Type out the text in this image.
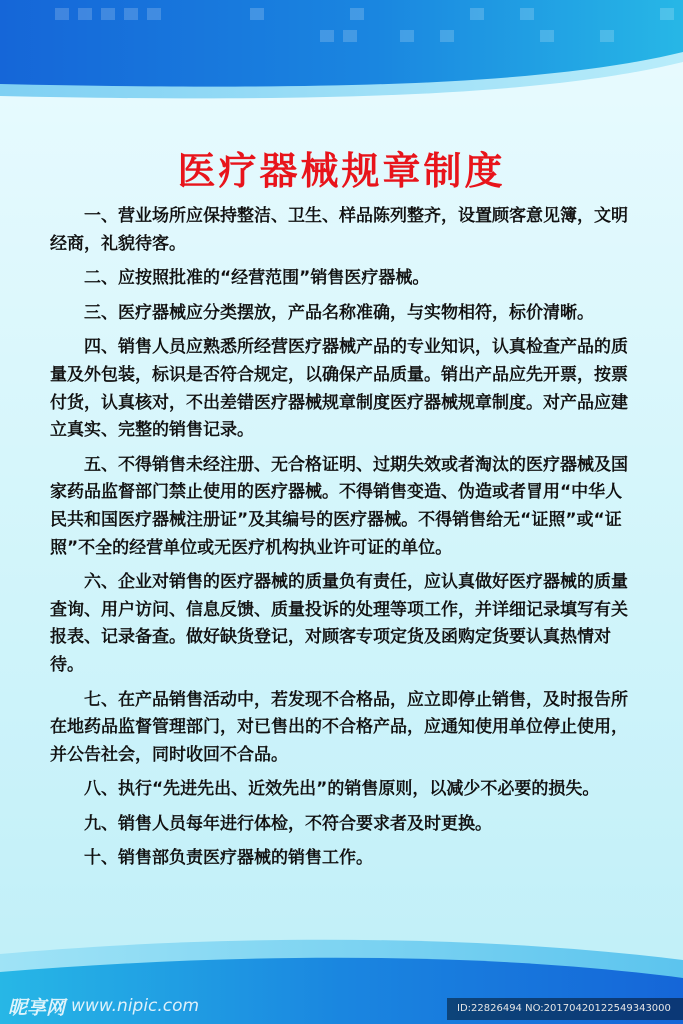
医疗器械规章制度

一、营业场所应保持整洁、卫生、样品陈列整齐，设置顾客意见簿，文明经商，礼貌待客。

二、应按照批准的“经营范围”销售医疗器械。

三、医疗器械应分类摆放，产品名称准确，与实物相符，标价清晰。

四、销售人员应熟悉所经营医疗器械产品的专业知识，认真检查产品的质量及外包装，标识是否符合规定，以确保产品质量。销出产品应先开票，按票付货，认真核对，不出差错医疗器械规章制度医疗器械规章制度。对产品应建立真实、完整的销售记录。

五、不得销售未经注册、无合格证明、过期失效或者淘汰的医疗器械及国家药品监督部门禁止使用的医疗器械。不得销售变造、伪造或者冒用“中华人民共和国医疗器械注册证”及其编号的医疗器械。不得销售给无“证照”或“证照”不全的经营单位或无医疗机构执业许可证的单位。

六、企业对销售的医疗器械的质量负有责任，应认真做好医疗器械的质量查询、用户访问、信息反馈、质量投诉的处理等项工作，并详细记录填写有关报表、记录备查。做好缺货登记，对顾客专项定货及函购定货要认真热情对待。

七、在产品销售活动中，若发现不合格品，应立即停止销售，及时报告所在地药品监督管理部门，对已售出的不合格产品，应通知使用单位停止使用，并公告社会，同时收回不合品。

八、执行“先进先出、近效先出”的销售原则，以减少不必要的损失。

九、销售人员每年进行体检，不符合要求者及时更换。

十、销售部负责医疗器械的销售工作。

昵享网 www.nipic.com	ID:22826494 NO:20170420122549343000
